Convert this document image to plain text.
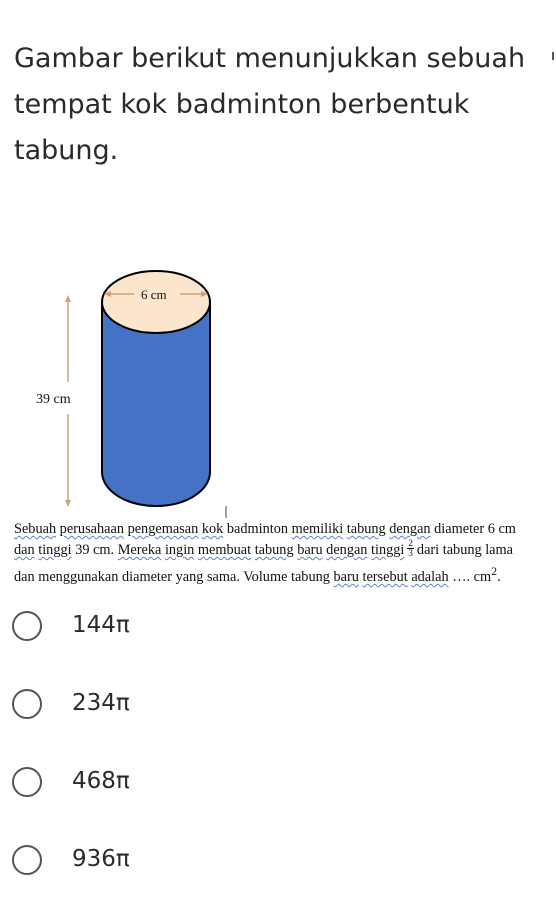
Gambar berikut menunjukkan sebuah
tempat kok badminton berbentuk
tabung.
39 cm
6 cm
Sebuah perusahaan pengemasan kok badminton memiliki tabung dengan diameter 6 cm
dan tinggi 39 cm. Mereka ingin membuat tabung baru dengan tinggi $\frac{2}{3}$ dari tabung lama
dan menggunakan diameter yang sama. Volume tabung baru tersebut adalah …. $cm^2$.
144π
234π
468π
936π
